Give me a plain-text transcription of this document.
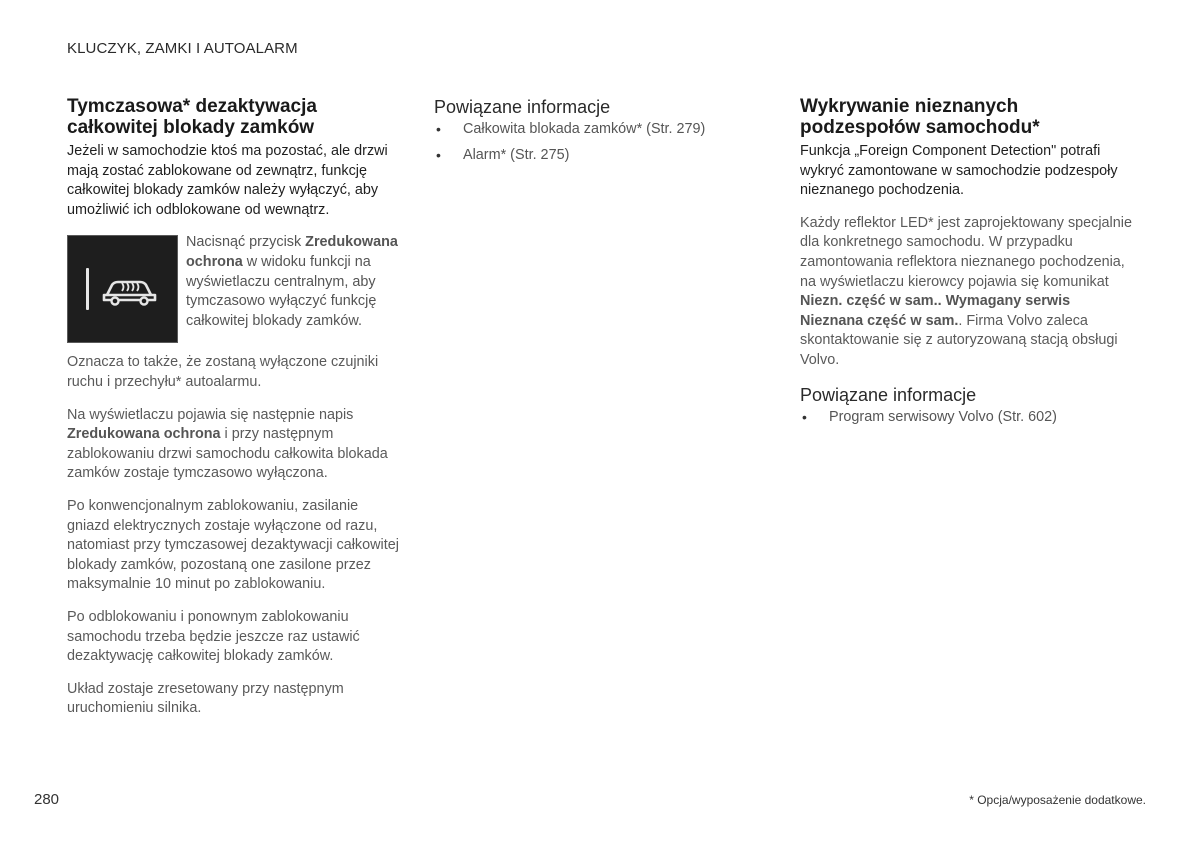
KLUCZYK, ZAMKI I AUTOALARM
Tymczasowa* dezaktywacja całkowitej blokady zamków

Jeżeli w samochodzie ktoś ma pozostać, ale drzwi mają zostać zablokowane od zewnątrz, funkcję całkowitej blokady zamków należy wyłączyć, aby umożliwić ich odblokowane od wewnątrz.

Nacisnąć przycisk Zredukowana ochrona w widoku funkcji na wyświetlaczu centralnym, aby tymczasowo wyłączyć funkcję całkowitej blokady zamków.

Oznacza to także, że zostaną wyłączone czujniki ruchu i przechyłu* autoalarmu.

Na wyświetlaczu pojawia się następnie napis Zredukowana ochrona i przy następnym zablokowaniu drzwi samochodu całkowita blokada zamków zostaje tymczasowo wyłączona.

Po konwencjonalnym zablokowaniu, zasilanie gniazd elektrycznych zostaje wyłączone od razu, natomiast przy tymczasowej dezaktywacji całkowitej blokady zamków, pozostaną one zasilone przez maksymalnie 10 minut po zablokowaniu.

Po odblokowaniu i ponownym zablokowaniu samochodu trzeba będzie jeszcze raz ustawić dezaktywację całkowitej blokady zamków.

Układ zostaje zresetowany przy następnym uruchomieniu silnika.

Powiązane informacje
• Całkowita blokada zamków* (Str. 279)
• Alarm* (Str. 275)
Wykrywanie nieznanych podzespołów samochodu*

Funkcja „Foreign Component Detection" potrafi wykryć zamontowane w samochodzie podzespoły nieznanego pochodzenia.

Każdy reflektor LED* jest zaprojektowany specjalnie dla konkretnego samochodu. W przypadku zamontowania reflektora nieznanego pochodzenia, na wyświetlaczu kierowcy pojawia się komunikat Niezn. część w sam.. Wymagany serwis Nieznana część w sam.. Firma Volvo zaleca skontaktowanie się z autoryzowaną stacją obsługi Volvo.

Powiązane informacje
• Program serwisowy Volvo (Str. 602)
280	* Opcja/wyposażenie dodatkowe.
